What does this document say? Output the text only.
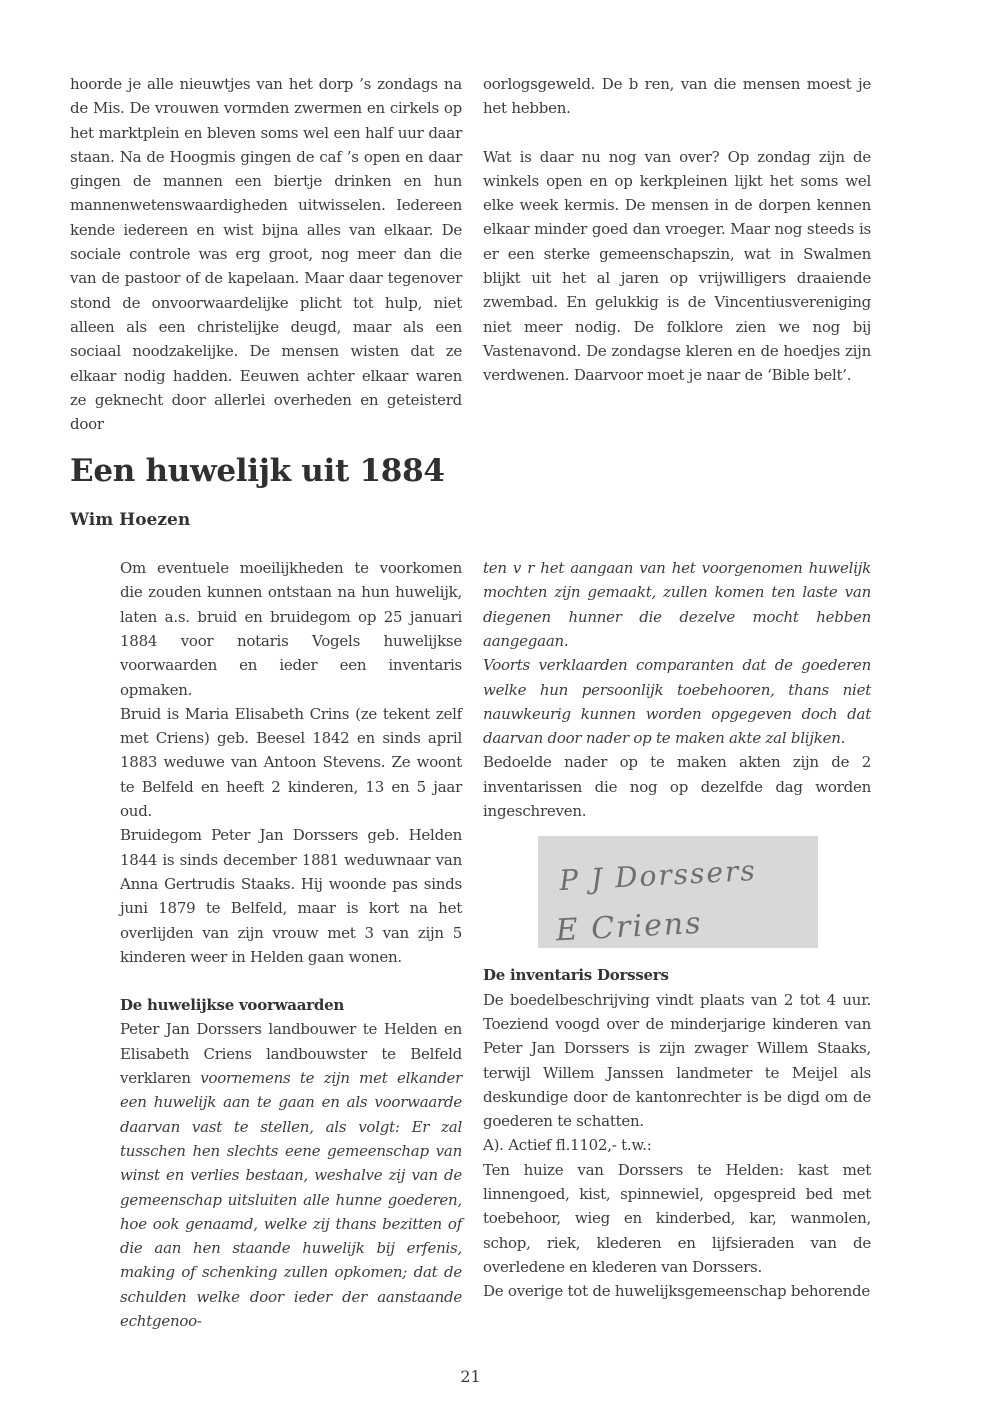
hoorde je alle nieuwtjes van het dorp ’s zondags na de Mis. De vrouwen vormden zwermen en cirkels op het marktplein en bleven soms wel een half uur daar staan. Na de Hoogmis gingen de caf ’s open en daar gingen de mannen een biertje drinken en hun mannenwetenswaardigheden uitwisselen. Iedereen kende iedereen en wist bijna alles van elkaar. De sociale controle was erg groot, nog meer dan die van de pastoor of de kapelaan. Maar daar tegenover stond de onvoorwaardelijke plicht tot hulp, niet alleen als een christelijke deugd, maar als een sociaal noodzakelijke. De mensen wisten dat ze elkaar nodig hadden. Eeuwen achter elkaar waren ze geknecht door allerlei overheden en geteisterd door

oorlogsgeweld. De b ren, van die mensen moest je het hebben.

Wat is daar nu nog van over? Op zondag zijn de winkels open en op kerkpleinen lijkt het soms wel elke week kermis. De mensen in de dorpen kennen elkaar minder goed dan vroeger. Maar nog steeds is er een sterke gemeenschapszin, wat in Swalmen blijkt uit het al jaren op vrijwilligers draaiende zwembad. En gelukkig is de Vincentiusvereniging niet meer nodig. De folklore zien we nog bij Vastenavond. De zondagse kleren en de hoedjes zijn verdwenen. Daarvoor moet je naar de ‘Bible belt’.

Een huwelijk uit 1884
Wim Hoezen

Om eventuele moeilijkheden te voorkomen die zouden kunnen ontstaan na hun huwelijk, laten a.s. bruid en bruidegom op 25 januari 1884 voor notaris Vogels huwelijkse voorwaarden en ieder een inventaris opmaken.

Bruid is Maria Elisabeth Crins (ze tekent zelf met Criens) geb. Beesel 1842 en sinds april 1883 weduwe van Antoon Stevens. Ze woont te Belfeld en heeft 2 kinderen, 13 en 5 jaar oud.

Bruidegom Peter Jan Dorssers geb. Helden 1844 is sinds december 1881 weduwnaar van Anna Gertrudis Staaks. Hij woonde pas sinds juni 1879 te Belfeld, maar is kort na het overlijden van zijn vrouw met 3 van zijn 5 kinderen weer in Helden gaan wonen.

De huwelijkse voorwaarden

Peter Jan Dorssers landbouwer te Helden en Elisabeth Criens landbouwster te Belfeld verklaren voornemens te zijn met elkander een huwelijk aan te gaan en als voorwaarde daarvan vast te stellen, als volgt: Er zal tusschen hen slechts eene gemeenschap van winst en verlies bestaan, weshalve zij van de gemeenschap uitsluiten alle hunne goederen, hoe ook genaamd, welke zij thans bezitten of die aan hen staande huwelijk bij erfenis, making of schenking zullen opkomen; dat de schulden welke door ieder der aanstaande echtgenoo-

ten v r het aangaan van het voorgenomen huwelijk mochten zijn gemaakt, zullen komen ten laste van diegenen hunner die dezelve mocht hebben aangegaan.

Voorts verklaarden comparanten dat de goederen welke hun persoonlijk toebehooren, thans niet nauwkeurig kunnen worden opgegeven doch dat daarvan door nader op te maken akte zal blijken.

Bedoelde nader op te maken akten zijn de 2 inventarissen die nog op dezelfde dag worden ingeschreven.

P J Dorssers
E Criens
De inventaris Dorssers

De boedelbeschrijving vindt plaats van 2 tot 4 uur. Toeziend voogd over de minderjarige kinderen van Peter Jan Dorssers is zijn zwager Willem Staaks, terwijl Willem Janssen landmeter te Meijel als deskundige door de kantonrechter is be digd om de goederen te schatten.

A). Actief fl.1102,- t.w.:

Ten huize van Dorssers te Helden: kast met linnengoed, kist, spinnewiel, opgespreid bed met toebehoor, wieg en kinderbed, kar, wanmolen, schop, riek, klederen en lijfsieraden van de overledene en klederen van Dorssers.

De overige tot de huwelijksgemeenschap behorende

21
